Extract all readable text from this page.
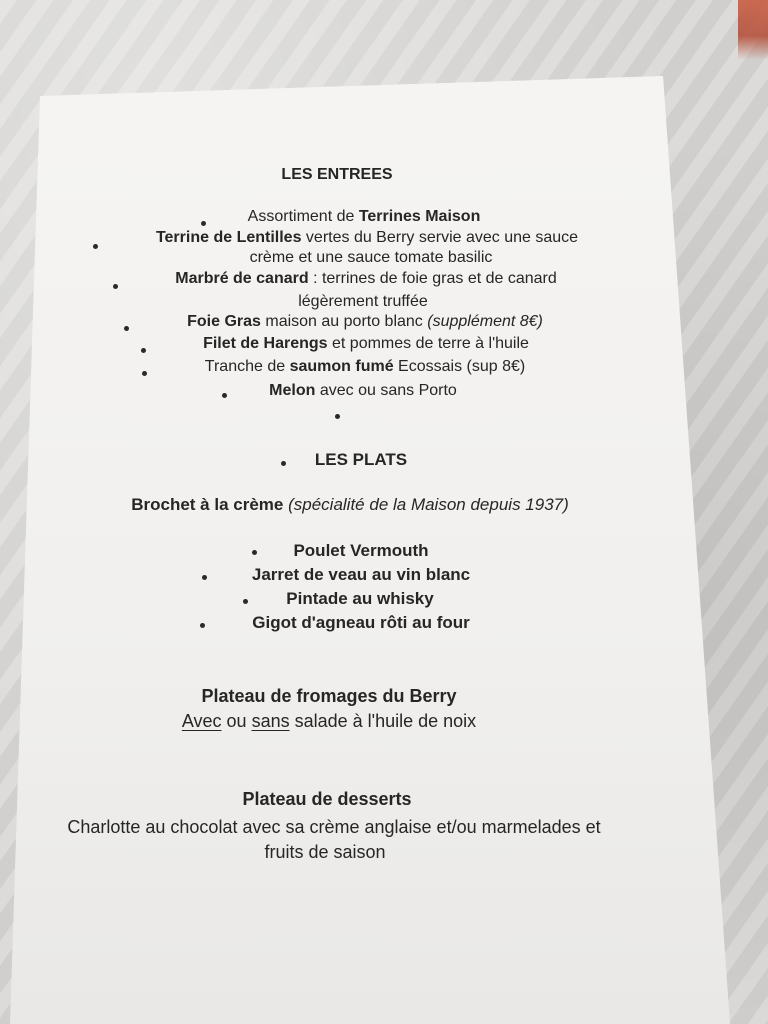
LES ENTREES
Assortiment de Terrines Maison
Terrine de Lentilles vertes du Berry servie avec une sauce
crème et une sauce tomate basilic
Marbré de canard : terrines de foie gras et de canard
légèrement truffée
Foie Gras maison au porto blanc (supplément 8€)
Filet de Harengs et pommes de terre à l'huile
Tranche de saumon fumé Ecossais (sup 8€)
Melon avec ou sans Porto
LES PLATS
Brochet à la crème (spécialité de la Maison depuis 1937)
Poulet Vermouth
Jarret de veau au vin blanc
Pintade au whisky
Gigot d'agneau rôti au four
Plateau de fromages du Berry
Avec ou sans salade à l'huile de noix
Plateau de desserts
Charlotte au chocolat avec sa crème anglaise et/ou marmelades et
fruits de saison
